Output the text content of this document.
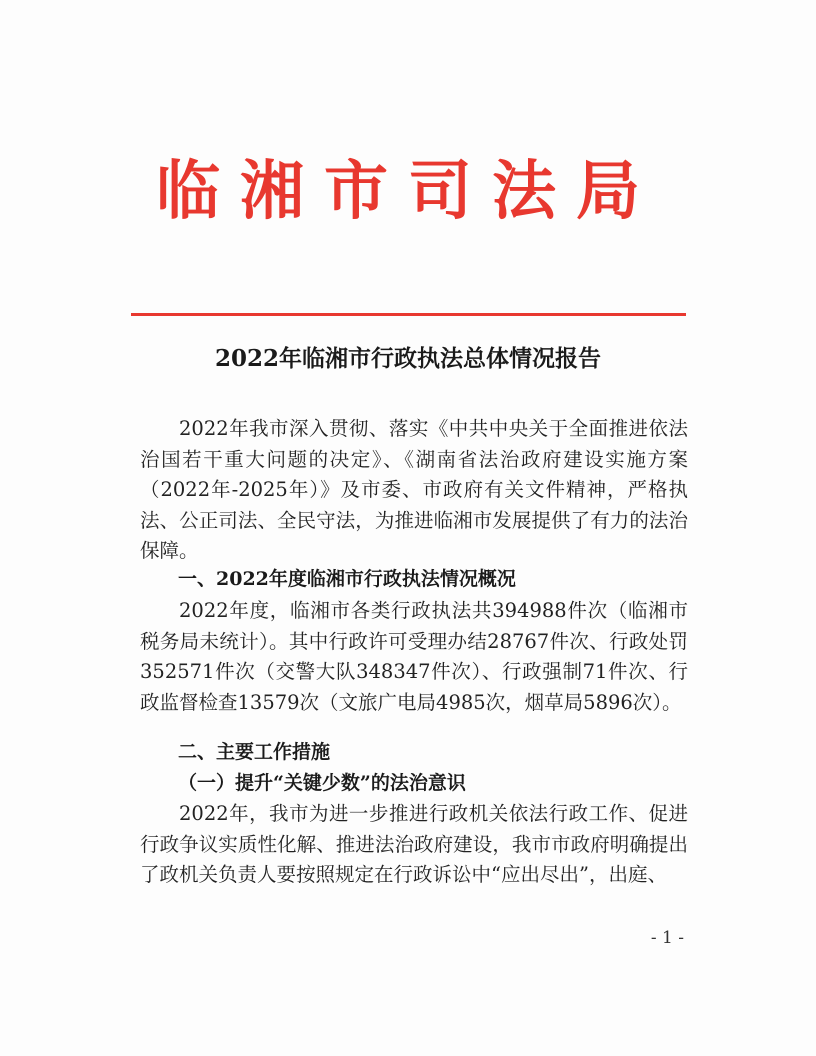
临湘市司法局
2022年临湘市行政执法总体情况报告
2022年我市深入贯彻、落实《中共中央关于全面推进依法治国若干重大问题的决定》、《湖南省法治政府建设实施方案（2022年-2025年）》及市委、市政府有关文件精神，严格执法、公正司法、全民守法，为推进临湘市发展提供了有力的法治保障。
一、2022年度临湘市行政执法情况概况
2022年度，临湘市各类行政执法共394988件次（临湘市税务局未统计）。其中行政许可受理办结28767件次、行政处罚352571件次（交警大队348347件次）、行政强制71件次、行政监督检查13579次（文旅广电局4985次，烟草局5896次）。
二、主要工作措施
（一）提升“关键少数”的法治意识
2022年，我市为进一步推进行政机关依法行政工作、促进行政争议实质性化解、推进法治政府建设，我市市政府明确提出了政机关负责人要按照规定在行政诉讼中“应出尽出”，出庭、
- 1 -
